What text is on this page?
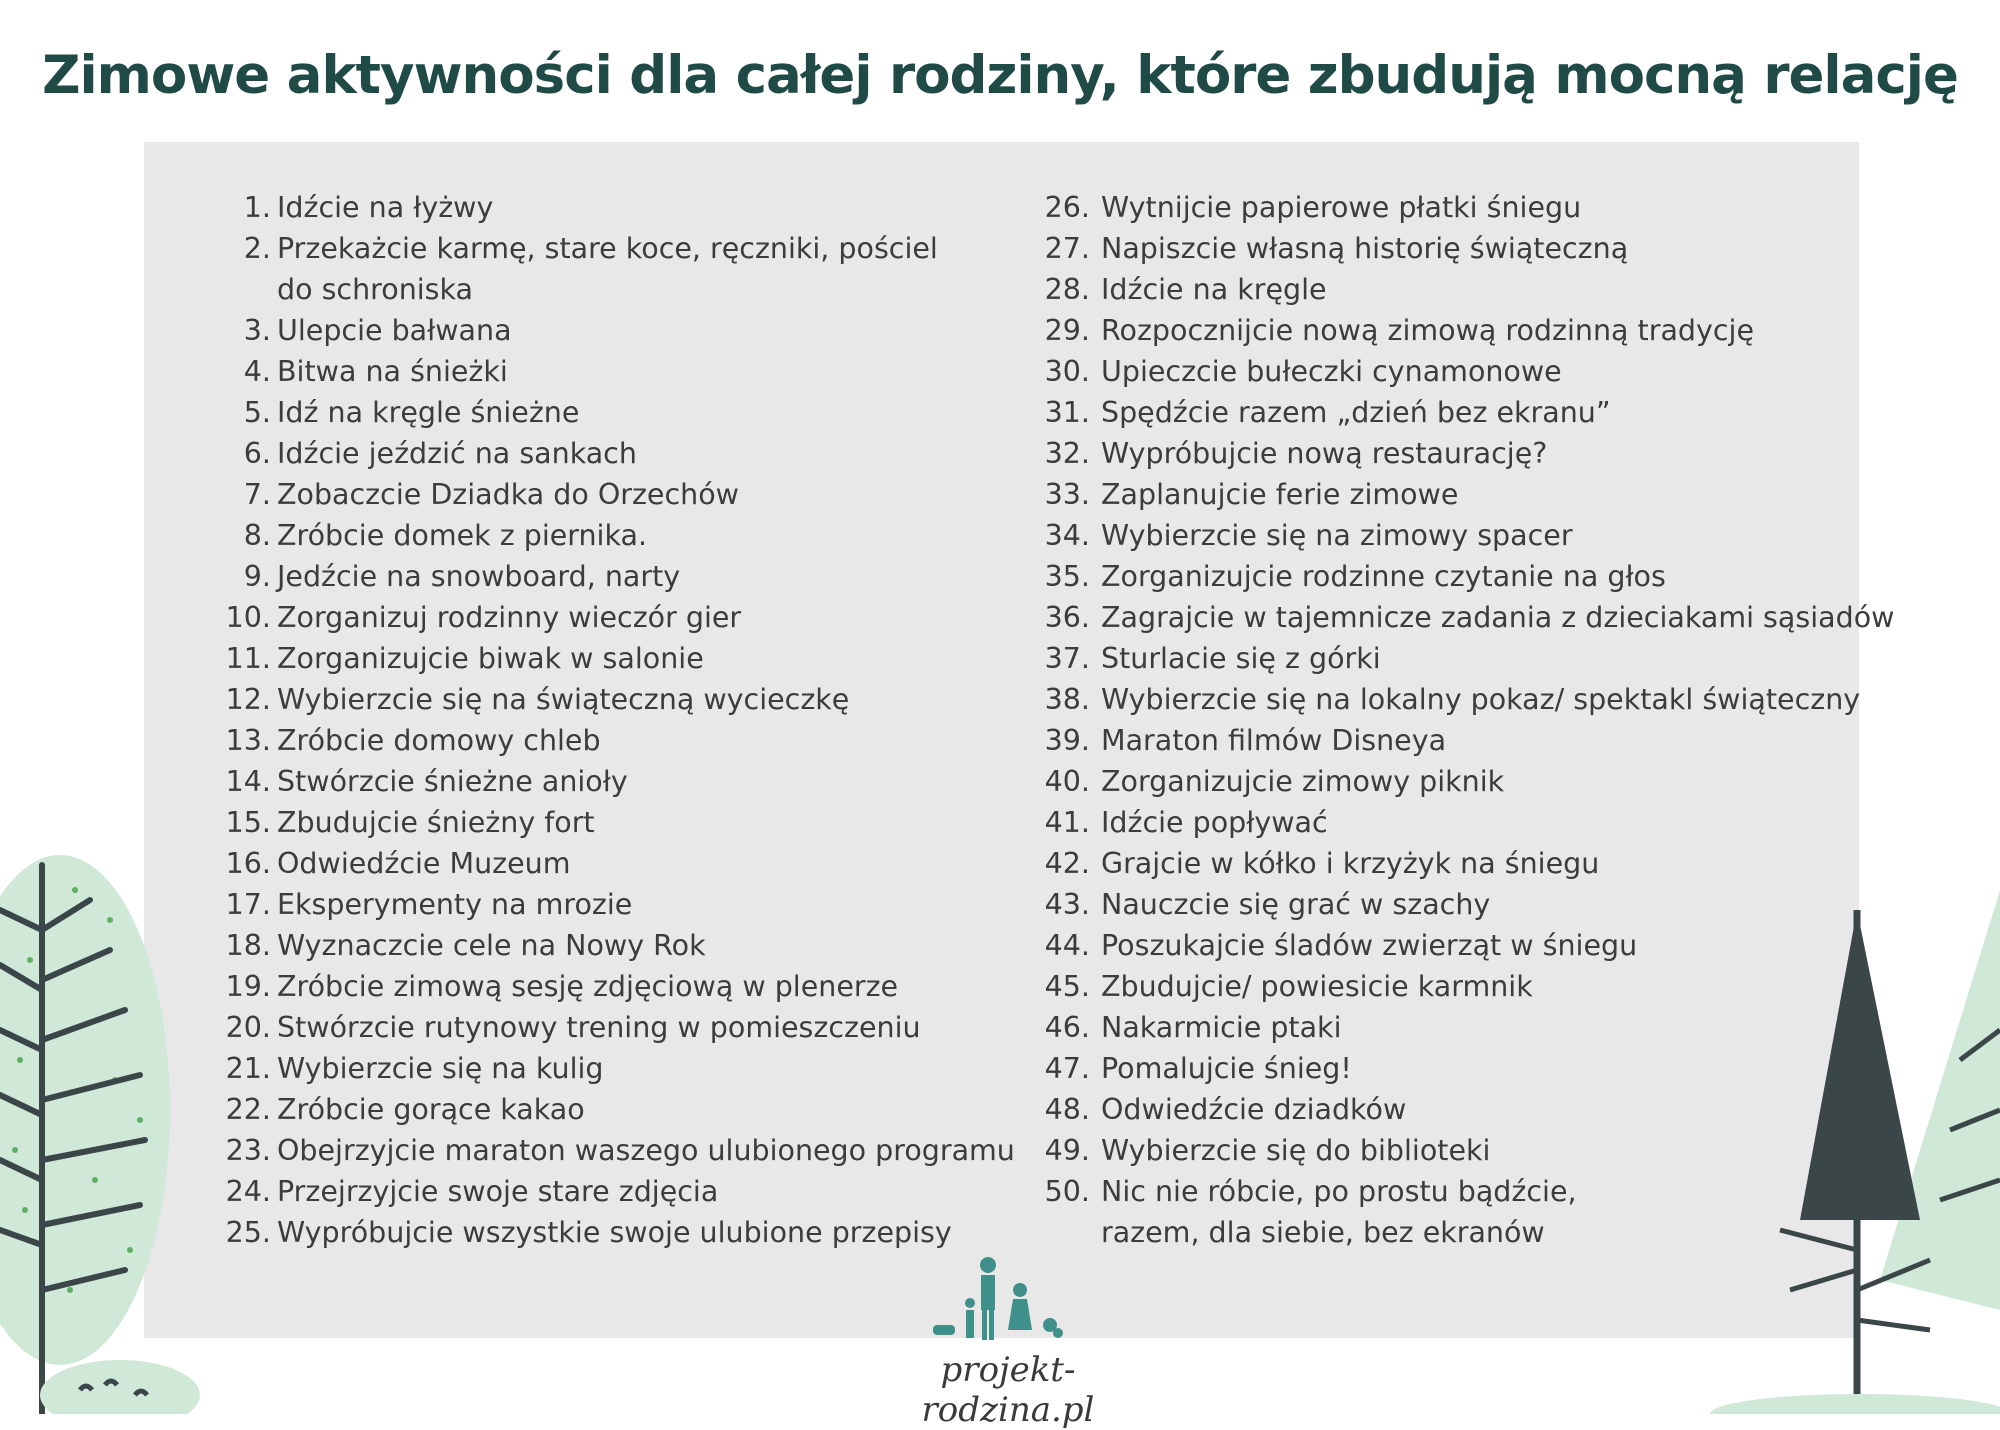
Zimowe aktywności dla całej rodziny, które zbudują mocną relację
1. Idźcie na łyżwy
2. Przekażcie karmę, stare koce, ręczniki, pościel do schroniska
3. Ulepcie bałwana
4. Bitwa na śnieżki
5. Idź na kręgle śnieżne
6. Idźcie jeździć na sankach
7. Zobaczcie Dziadka do Orzechów
8. Zróbcie domek z piernika.
9. Jedźcie na snowboard, narty
10. Zorganizuj rodzinny wieczór gier
11. Zorganizujcie biwak w salonie
12. Wybierzcie się na świąteczną wycieczkę
13. Zróbcie domowy chleb
14. Stwórzcie śnieżne anioły
15. Zbudujcie śnieżny fort
16. Odwiedźcie Muzeum
17. Eksperymenty na mrozie
18. Wyznaczcie cele na Nowy Rok
19. Zróbcie zimową sesję zdjęciową w plenerze
20. Stwórzcie rutynowy trening w pomieszczeniu
21. Wybierzcie się na kulig
22. Zróbcie gorące kakao
23. Obejrzyjcie maraton waszego ulubionego programu
24. Przejrzyjcie swoje stare zdjęcia
25. Wypróbujcie wszystkie swoje ulubione przepisy
26. Wytnijcie papierowe płatki śniegu
27. Napiszcie własną historię świąteczną
28. Idźcie na kręgle
29. Rozpocznijcie nową zimową rodzinną tradycję
30. Upieczcie bułeczki cynamonowe
31. Spędźcie razem „dzień bez ekranu”
32. Wypróbujcie nową restaurację?
33. Zaplanujcie ferie zimowe
34. Wybierzcie się na zimowy spacer
35. Zorganizujcie rodzinne czytanie na głos
36. Zagrajcie w tajemnicze zadania z dzieciakami sąsiadów
37. Sturlacie się z górki
38. Wybierzcie się na lokalny pokaz/ spektakl świąteczny
39. Maraton filmów Disneya
40. Zorganizujcie zimowy piknik
41. Idźcie popływać
42. Grajcie w kółko i krzyżyk na śniegu
43. Nauczcie się grać w szachy
44. Poszukajcie śladów zwierząt w śniegu
45. Zbudujcie/ powiesicie karmnik
46. Nakarmicie ptaki
47. Pomalujcie śnieg!
48. Odwiedźcie dziadków
49. Wybierzcie się do biblioteki
50. Nic nie róbcie, po prostu bądźcie, razem, dla siebie, bez ekranów
projekt-rodzina.pl
